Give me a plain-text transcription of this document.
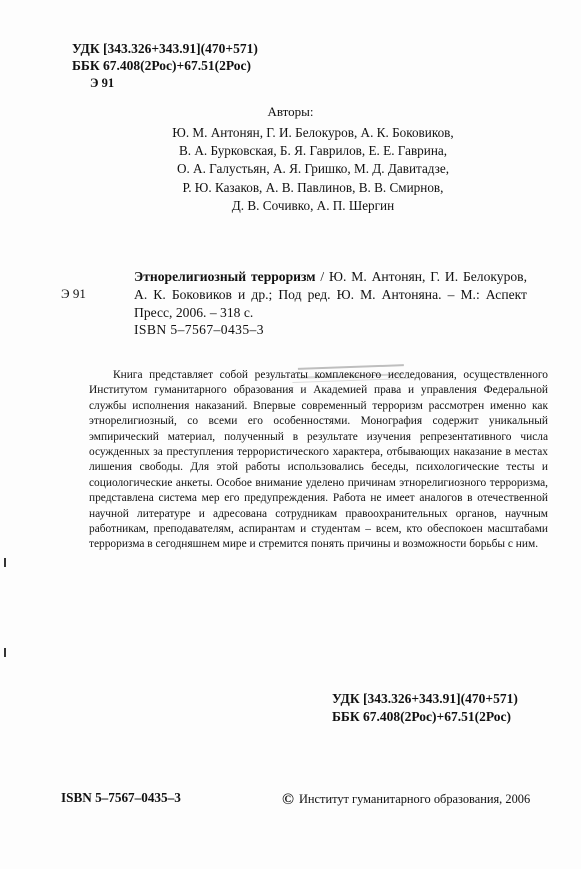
УДК [343.326+343.91](470+571)
ББК 67.408(2Рос)+67.51(2Рос)
Э 91
Авторы:
Ю. М. Антонян, Г. И. Белокуров, А. К. Боковиков,
В. А. Бурковская, Б. Я. Гаврилов, Е. Е. Гаврина,
О. А. Галустьян, А. Я. Гришко, М. Д. Давитадзе,
Р. Ю. Казаков, А. В. Павлинов, В. В. Смирнов,
Д. В. Сочивко, А. П. Шергин
Э 91
Этнорелигиозный терроризм / Ю. М. Антонян, Г. И. Белокуров, А. К. Боковиков и др.; Под ред. Ю. М. Антоняна. – М.: Аспект Пресс, 2006. – 318 с.
ISBN 5–7567–0435–3
Книга представляет собой результаты комплексного исследования, осуществленного Институтом гуманитарного образования и Академией права и управления Федеральной службы исполнения наказаний. Впервые современный терроризм рассмотрен именно как этнорелигиозный, со всеми его особенностями. Монография содержит уникальный эмпирический материал, полученный в результате изучения репрезентативного числа осужденных за преступления террористического характера, отбывающих наказание в местах лишения свободы. Для этой работы использовались беседы, психологические тесты и социологические анкеты. Особое внимание уделено причинам этнорелигиозного терроризма, представлена система мер его предупреждения. Работа не имеет аналогов в отечественной научной литературе и адресована сотрудникам правоохранительных органов, научным работникам, преподавателям, аспирантам и студентам – всем, кто обеспокоен масштабами терроризма в сегодняшнем мире и стремится понять причины и возможности борьбы с ним.
УДК [343.326+343.91](470+571)
ББК 67.408(2Рос)+67.51(2Рос)
ISBN 5–7567–0435–3	© Институт гуманитарного образования, 2006
